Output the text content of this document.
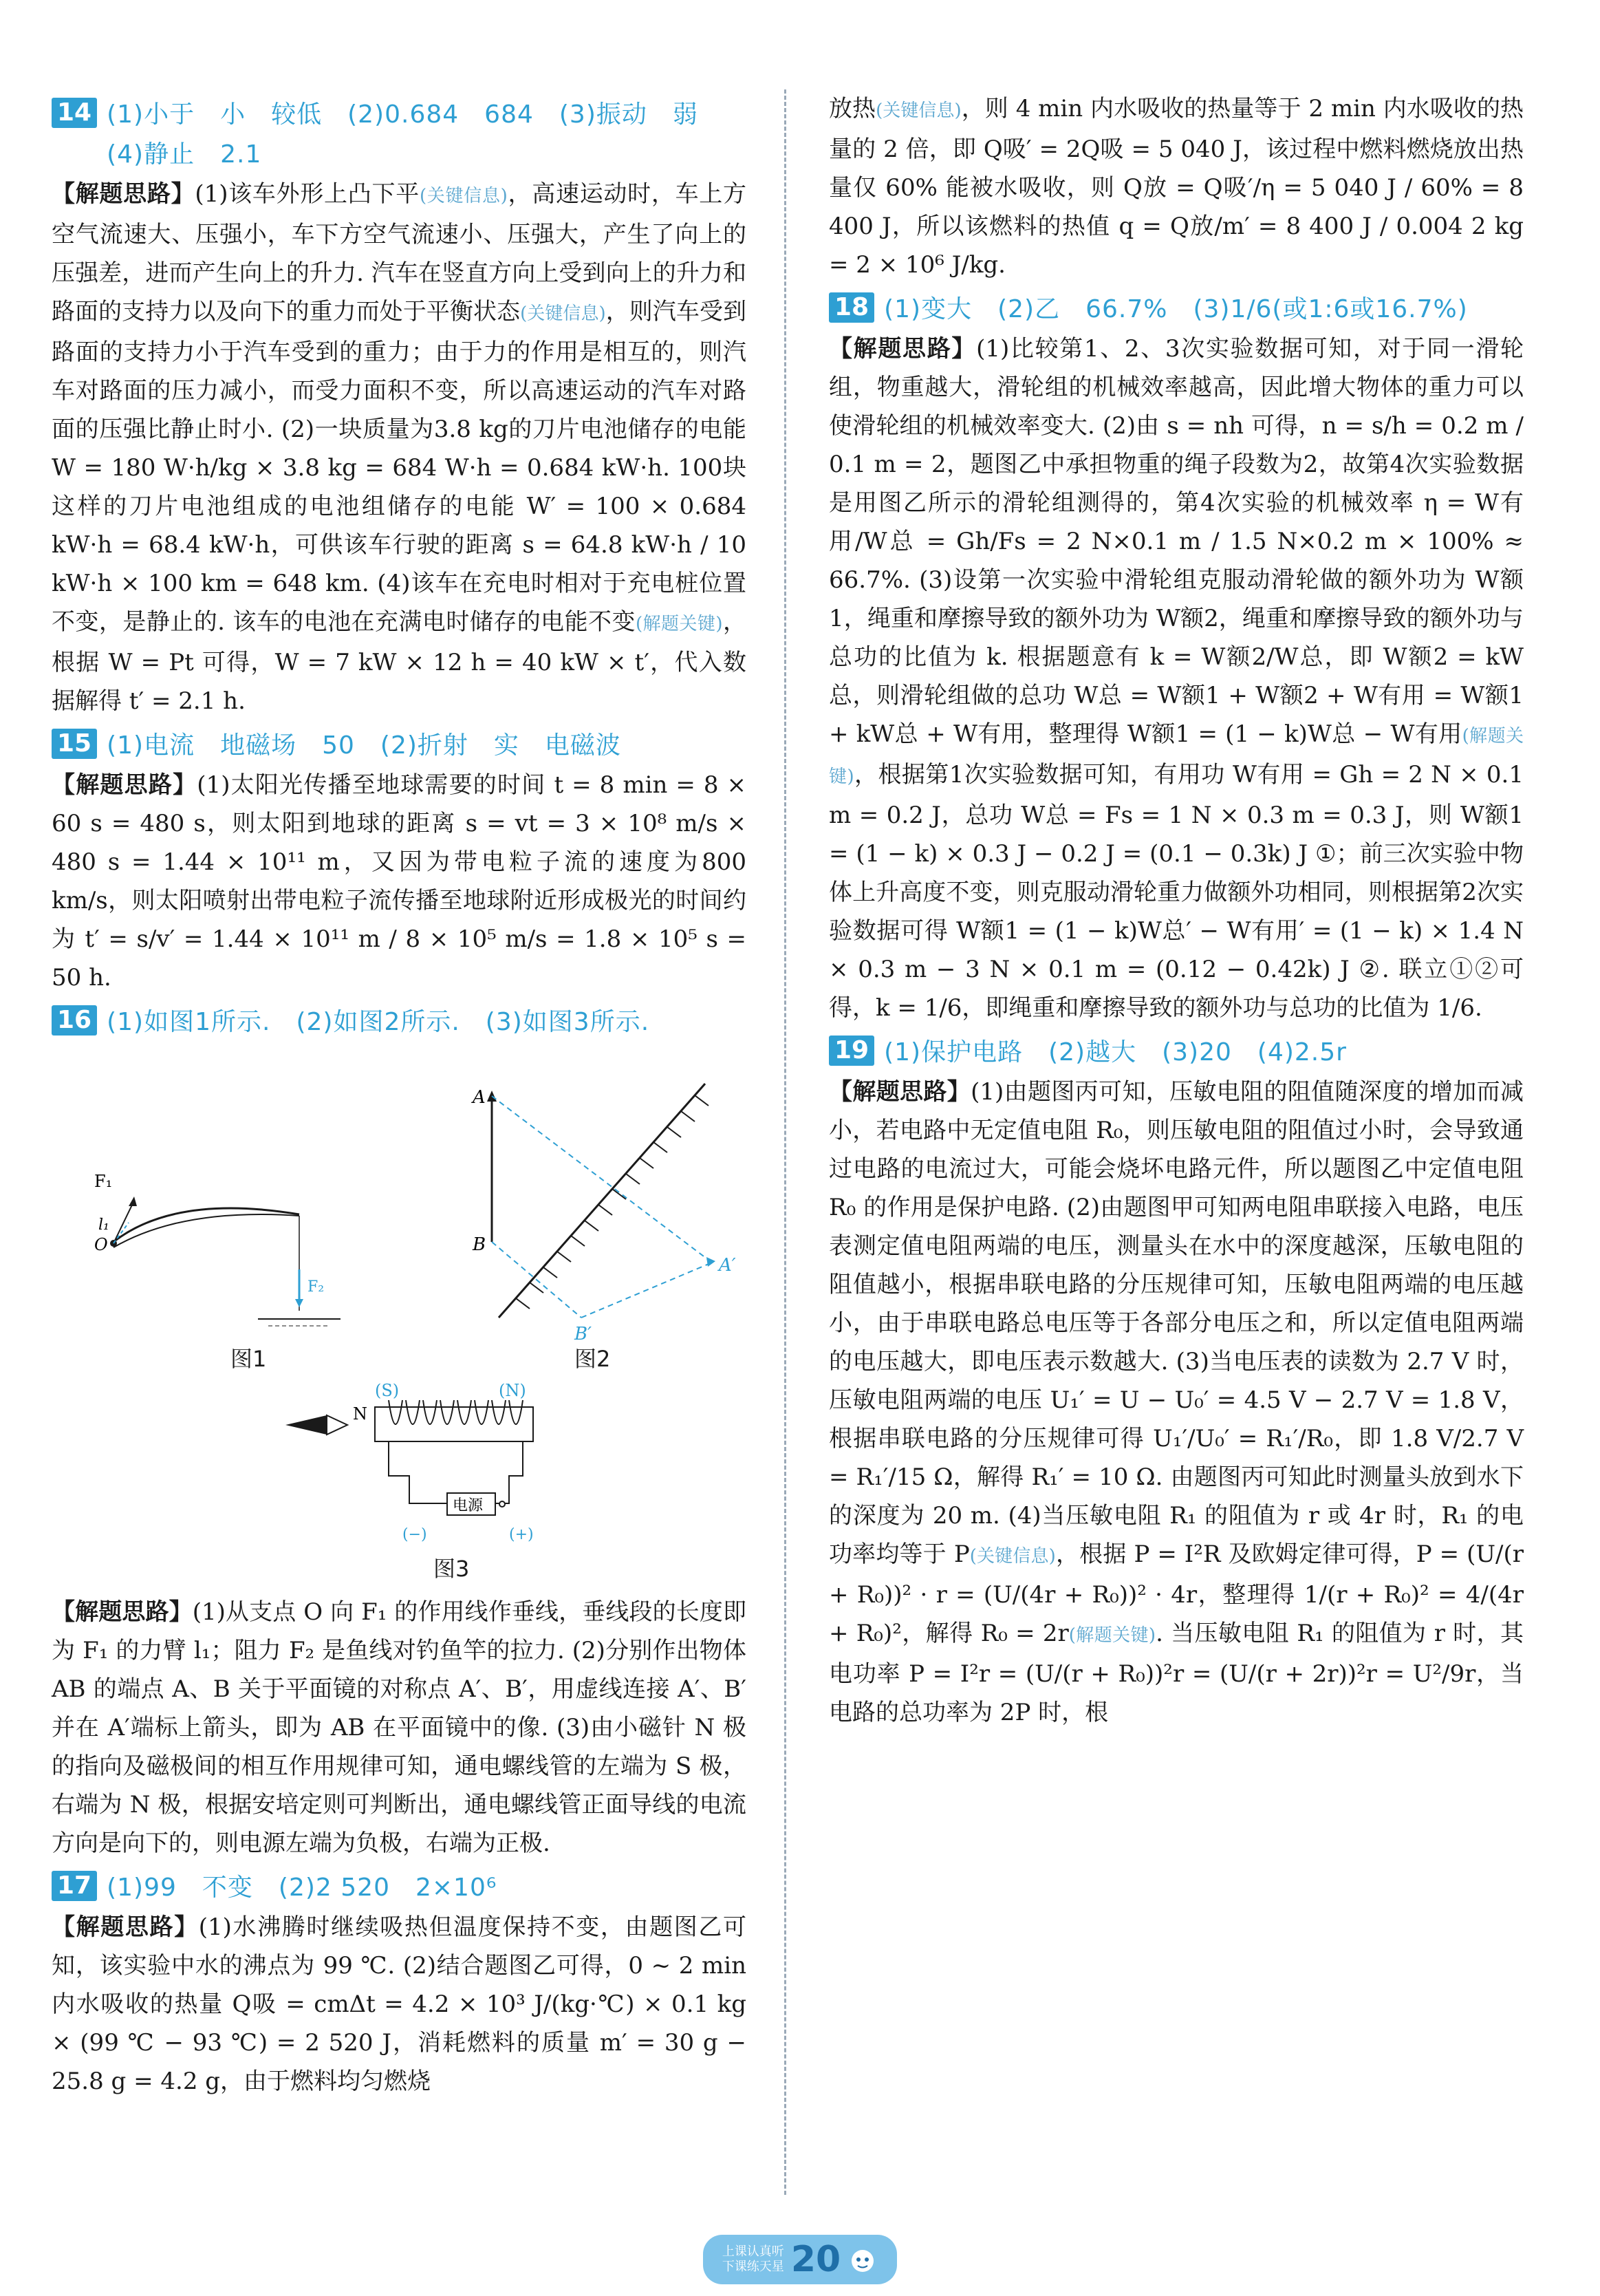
14 (1)小于　小　较低　(2)0.684　684　(3)振动　弱　(4)静止　2.1

【解题思路】(1)该车外形上凸下平(关键信息)，高速运动时，车上方空气流速大、压强小，车下方空气流速小、压强大，产生了向上的压强差，进而产生向上的升力. 汽车在竖直方向上受到向上的升力和路面的支持力以及向下的重力而处于平衡状态(关键信息)，则汽车受到路面的支持力小于汽车受到的重力；由于力的作用是相互的，则汽车对路面的压力减小，而受力面积不变，所以高速运动的汽车对路面的压强比静止时小. (2)一块质量为3.8 kg的刀片电池储存的电能 W = 180 W·h/kg × 3.8 kg = 684 W·h = 0.684 kW·h. 100块这样的刀片电池组成的电池组储存的电能 W′ = 100 × 0.684 kW·h = 68.4 kW·h，可供该车行驶的距离 s = 64.8 kW·h / 10 kW·h × 100 km = 648 km. (4)该车在充电时相对于充电桩位置不变，是静止的. 该车的电池在充满电时储存的电能不变(解题关键)，根据 W = Pt 可得，W = 7 kW × 12 h = 40 kW × t′，代入数据解得 t′ = 2.1 h.

15 (1)电流　地磁场　50　(2)折射　实　电磁波

【解题思路】(1)太阳光传播至地球需要的时间 t = 8 min = 8 × 60 s = 480 s，则太阳到地球的距离 s = vt = 3 × 10⁸ m/s × 480 s = 1.44 × 10¹¹ m，又因为带电粒子流的速度为800 km/s，则太阳喷射出带电粒子流传播至地球附近形成极光的时间约为 t′ = s/v′ = 1.44 × 10¹¹ m / 8 × 10⁵ m/s = 1.8 × 10⁵ s = 50 h.

16 (1)如图1所示.　(2)如图2所示.　(3)如图3所示.
F₁
l₁
O
F₂
图1
A
B
A′
B′
图2
电源
(S)	(N)
N
(−)	(+)
图3

【解题思路】(1)从支点 O 向 F₁ 的作用线作垂线，垂线段的长度即为 F₁ 的力臂 l₁；阻力 F₂ 是鱼线对钓鱼竿的拉力. (2)分别作出物体 AB 的端点 A、B 关于平面镜的对称点 A′、B′，用虚线连接 A′、B′并在 A′端标上箭头，即为 AB 在平面镜中的像. (3)由小磁针 N 极的指向及磁极间的相互作用规律可知，通电螺线管的左端为 S 极，右端为 N 极，根据安培定则可判断出，通电螺线管正面导线的电流方向是向下的，则电源左端为负极，右端为正极.

17 (1)99　不变　(2)2 520　2×10⁶

【解题思路】(1)水沸腾时继续吸热但温度保持不变，由题图乙可知，该实验中水的沸点为 99 ℃. (2)结合题图乙可得，0 ~ 2 min 内水吸收的热量 Q吸 = cmΔt = 4.2 × 10³ J/(kg·℃) × 0.1 kg × (99 ℃ − 93 ℃) = 2 520 J，消耗燃料的质量 m′ = 30 g − 25.8 g = 4.2 g，由于燃料均匀燃烧

放热(关键信息)，则 4 min 内水吸收的热量等于 2 min 内水吸收的热量的 2 倍，即 Q吸′ = 2Q吸 = 5 040 J，该过程中燃料燃烧放出热量仅 60% 能被水吸收，则 Q放 = Q吸′/η = 5 040 J / 60% = 8 400 J，所以该燃料的热值 q = Q放/m′ = 8 400 J / 0.004 2 kg = 2 × 10⁶ J/kg.

18 (1)变大　(2)乙　66.7%　(3)1/6(或1:6或16.7%)

【解题思路】(1)比较第1、2、3次实验数据可知，对于同一滑轮组，物重越大，滑轮组的机械效率越高，因此增大物体的重力可以使滑轮组的机械效率变大. (2)由 s = nh 可得，n = s/h = 0.2 m / 0.1 m = 2，题图乙中承担物重的绳子段数为2，故第4次实验数据是用图乙所示的滑轮组测得的，第4次实验的机械效率 η = W有用/W总 = Gh/Fs = 2 N×0.1 m / 1.5 N×0.2 m × 100% ≈ 66.7%. (3)设第一次实验中滑轮组克服动滑轮做的额外功为 W额1，绳重和摩擦导致的额外功为 W额2，绳重和摩擦导致的额外功与总功的比值为 k. 根据题意有 k = W额2/W总，即 W额2 = kW总，则滑轮组做的总功 W总 = W额1 + W额2 + W有用 = W额1 + kW总 + W有用，整理得 W额1 = (1 − k)W总 − W有用(解题关键)，根据第1次实验数据可知，有用功 W有用 = Gh = 2 N × 0.1 m = 0.2 J，总功 W总 = Fs = 1 N × 0.3 m = 0.3 J，则 W额1 = (1 − k) × 0.3 J − 0.2 J = (0.1 − 0.3k) J ①；前三次实验中物体上升高度不变，则克服动滑轮重力做额外功相同，则根据第2次实验数据可得 W额1 = (1 − k)W总′ − W有用′ = (1 − k) × 1.4 N × 0.3 m − 3 N × 0.1 m = (0.12 − 0.42k) J ②. 联立①②可得，k = 1/6，即绳重和摩擦导致的额外功与总功的比值为 1/6.

19 (1)保护电路　(2)越大　(3)20　(4)2.5r

【解题思路】(1)由题图丙可知，压敏电阻的阻值随深度的增加而减小，若电路中无定值电阻 R₀，则压敏电阻的阻值过小时，会导致通过电路的电流过大，可能会烧坏电路元件，所以题图乙中定值电阻 R₀ 的作用是保护电路. (2)由题图甲可知两电阻串联接入电路，电压表测定值电阻两端的电压，测量头在水中的深度越深，压敏电阻的阻值越小，根据串联电路的分压规律可知，压敏电阻两端的电压越小，由于串联电路总电压等于各部分电压之和，所以定值电阻两端的电压越大，即电压表示数越大. (3)当电压表的读数为 2.7 V 时，压敏电阻两端的电压 U₁′ = U − U₀′ = 4.5 V − 2.7 V = 1.8 V，根据串联电路的分压规律可得 U₁′/U₀′ = R₁′/R₀，即 1.8 V/2.7 V = R₁′/15 Ω，解得 R₁′ = 10 Ω. 由题图丙可知此时测量头放到水下的深度为 20 m. (4)当压敏电阻 R₁ 的阻值为 r 或 4r 时，R₁ 的电功率均等于 P(关键信息)，根据 P = I²R 及欧姆定律可得，P = (U/(r + R₀))² · r = (U/(4r + R₀))² · 4r，整理得 1/(r + R₀)² = 4/(4r + R₀)²，解得 R₀ = 2r(解题关键). 当压敏电阻 R₁ 的阻值为 r 时，其电功率 P = I²r = (U/(r + R₀))²r = (U/(r + 2r))²r = U²/9r，当电路的总功率为 2P 时，根

上课认真听
下课练天星 20
